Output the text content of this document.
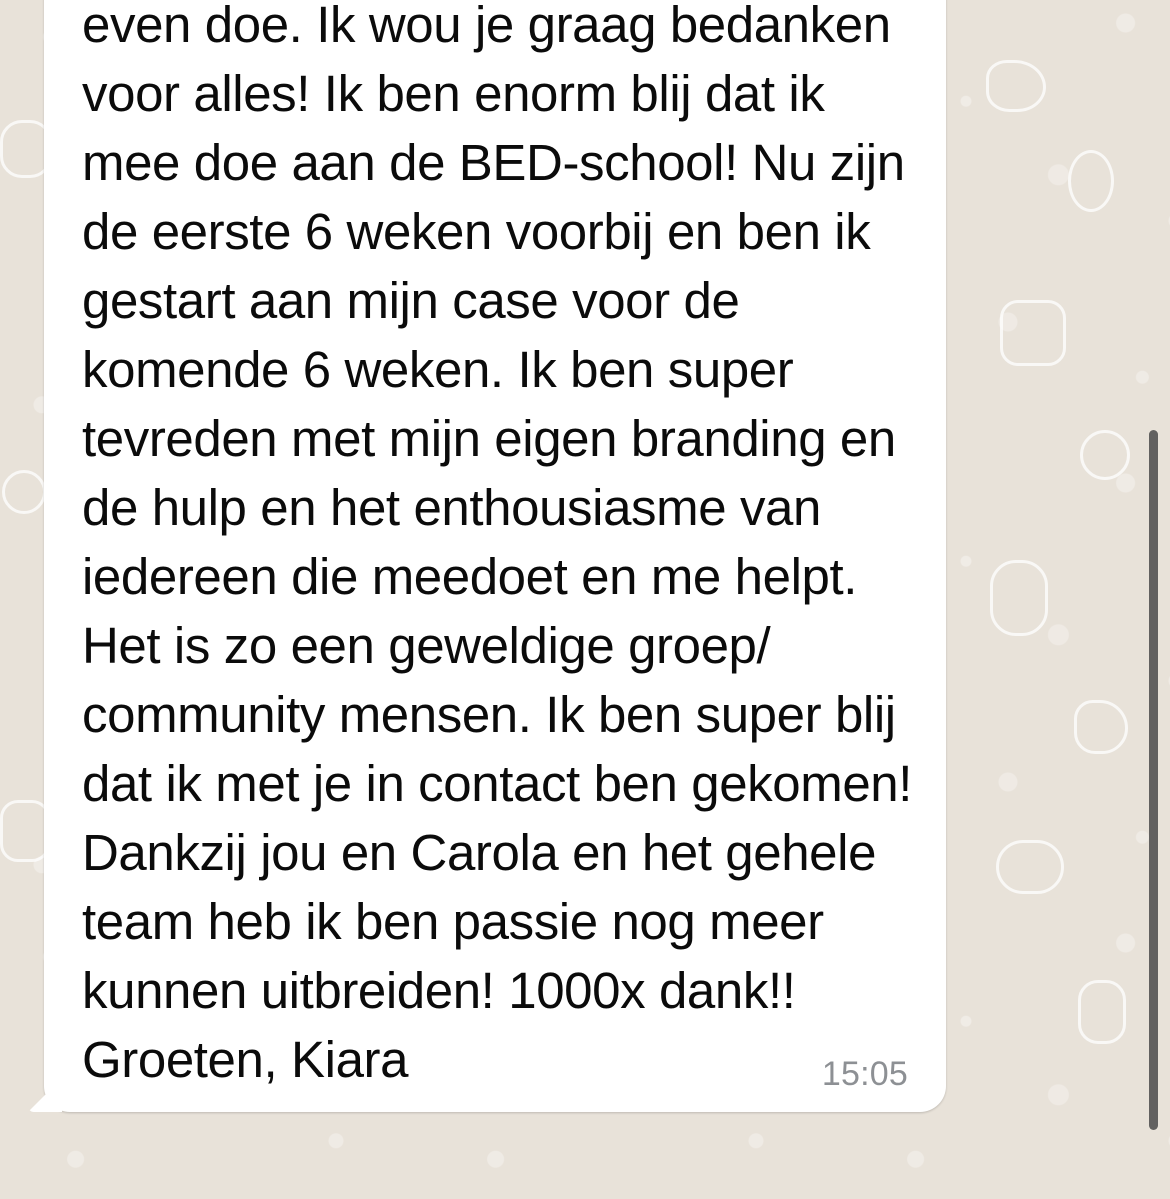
even doe. Ik wou je graag bedanken voor alles! Ik ben enorm blij dat ik mee doe aan de BED-school! Nu zijn de eerste 6 weken voorbij en ben ik gestart aan mijn case voor de komende 6 weken. Ik ben super tevreden met mijn eigen branding en de hulp en het enthousiasme van iedereen die meedoet en me helpt. Het is zo een geweldige groep/ community mensen. Ik ben super blij dat ik met je in contact ben gekomen! Dankzij jou en Carola en het gehele team heb ik ben passie nog meer kunnen uitbreiden! 1000x dank!! Groeten, Kiara	15:05
